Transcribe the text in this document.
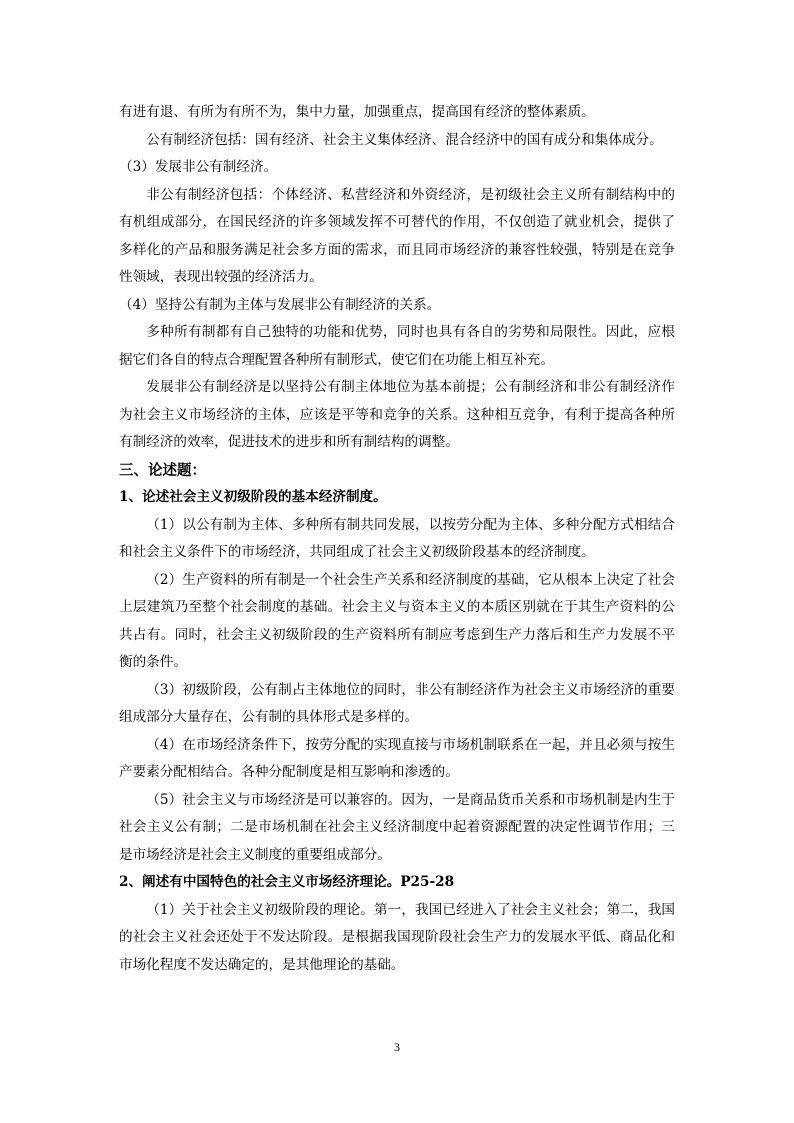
有进有退、有所为有所不为，集中力量，加强重点，提高国有经济的整体素质。

公有制经济包括：国有经济、社会主义集体经济、混合经济中的国有成分和集体成分。

（3）发展非公有制经济。

非公有制经济包括：个体经济、私营经济和外资经济，是初级社会主义所有制结构中的有机组成部分，在国民经济的许多领域发挥不可替代的作用，不仅创造了就业机会，提供了多样化的产品和服务满足社会多方面的需求，而且同市场经济的兼容性较强，特别是在竞争性领域，表现出较强的经济活力。

（4）坚持公有制为主体与发展非公有制经济的关系。

多种所有制都有自己独特的功能和优势，同时也具有各自的劣势和局限性。因此，应根据它们各自的特点合理配置各种所有制形式，使它们在功能上相互补充。

发展非公有制经济是以坚持公有制主体地位为基本前提；公有制经济和非公有制经济作为社会主义市场经济的主体，应该是平等和竞争的关系。这种相互竞争，有利于提高各种所有制经济的效率，促进技术的进步和所有制结构的调整。

三、论述题：

1、论述社会主义初级阶段的基本经济制度。

（1）以公有制为主体、多种所有制共同发展，以按劳分配为主体、多种分配方式相结合和社会主义条件下的市场经济，共同组成了社会主义初级阶段基本的经济制度。

（2）生产资料的所有制是一个社会生产关系和经济制度的基础，它从根本上决定了社会上层建筑乃至整个社会制度的基础。社会主义与资本主义的本质区别就在于其生产资料的公共占有。同时，社会主义初级阶段的生产资料所有制应考虑到生产力落后和生产力发展不平衡的条件。

（3）初级阶段，公有制占主体地位的同时，非公有制经济作为社会主义市场经济的重要组成部分大量存在，公有制的具体形式是多样的。

（4）在市场经济条件下，按劳分配的实现直接与市场机制联系在一起，并且必须与按生产要素分配相结合。各种分配制度是相互影响和渗透的。

（5）社会主义与市场经济是可以兼容的。因为，一是商品货币关系和市场机制是内生于社会主义公有制；二是市场机制在社会主义经济制度中起着资源配置的决定性调节作用；三是市场经济是社会主义制度的重要组成部分。

2、阐述有中国特色的社会主义市场经济理论。P25-28

（1）关于社会主义初级阶段的理论。第一，我国已经进入了社会主义社会；第二，我国的社会主义社会还处于不发达阶段。是根据我国现阶段社会生产力的发展水平低、商品化和市场化程度不发达确定的，是其他理论的基础。

3
